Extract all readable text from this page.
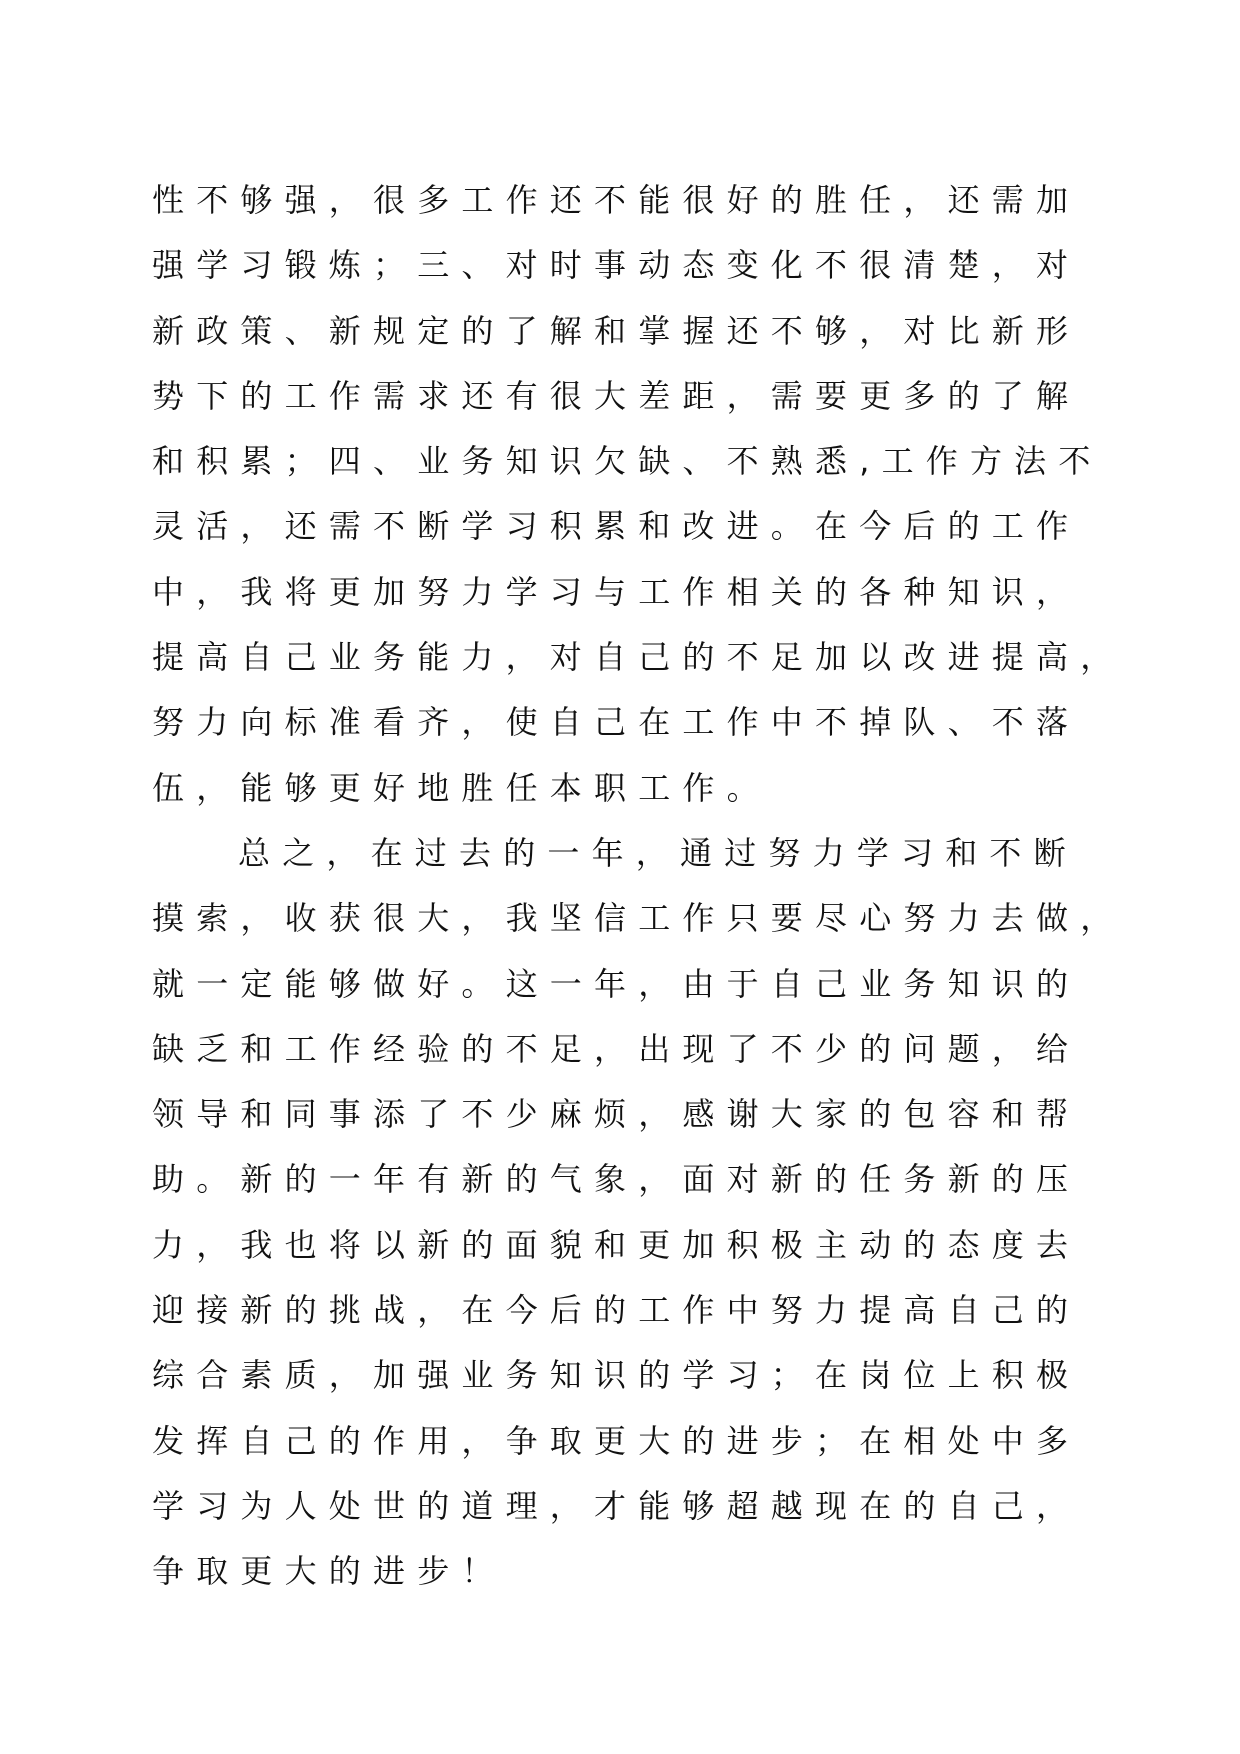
性不够强，很多工作还不能很好的胜任，还需加
强学习锻炼；三、对时事动态变化不很清楚，对
新政策、新规定的了解和掌握还不够，对比新形
势下的工作需求还有很大差距，需要更多的了解
和积累；四、业务知识欠缺、不熟悉,工作方法不
灵活，还需不断学习积累和改进。在今后的工作
中，我将更加努力学习与工作相关的各种知识，
提高自己业务能力，对自己的不足加以改进提高，
努力向标准看齐，使自己在工作中不掉队、不落
伍，能够更好地胜任本职工作。
总之，在过去的一年，通过努力学习和不断
摸索，收获很大，我坚信工作只要尽心努力去做，
就一定能够做好。这一年，由于自己业务知识的
缺乏和工作经验的不足，出现了不少的问题，给
领导和同事添了不少麻烦，感谢大家的包容和帮
助。新的一年有新的气象，面对新的任务新的压
力，我也将以新的面貌和更加积极主动的态度去
迎接新的挑战，在今后的工作中努力提高自己的
综合素质，加强业务知识的学习；在岗位上积极
发挥自己的作用，争取更大的进步；在相处中多
学习为人处世的道理，才能够超越现在的自己，
争取更大的进步！
